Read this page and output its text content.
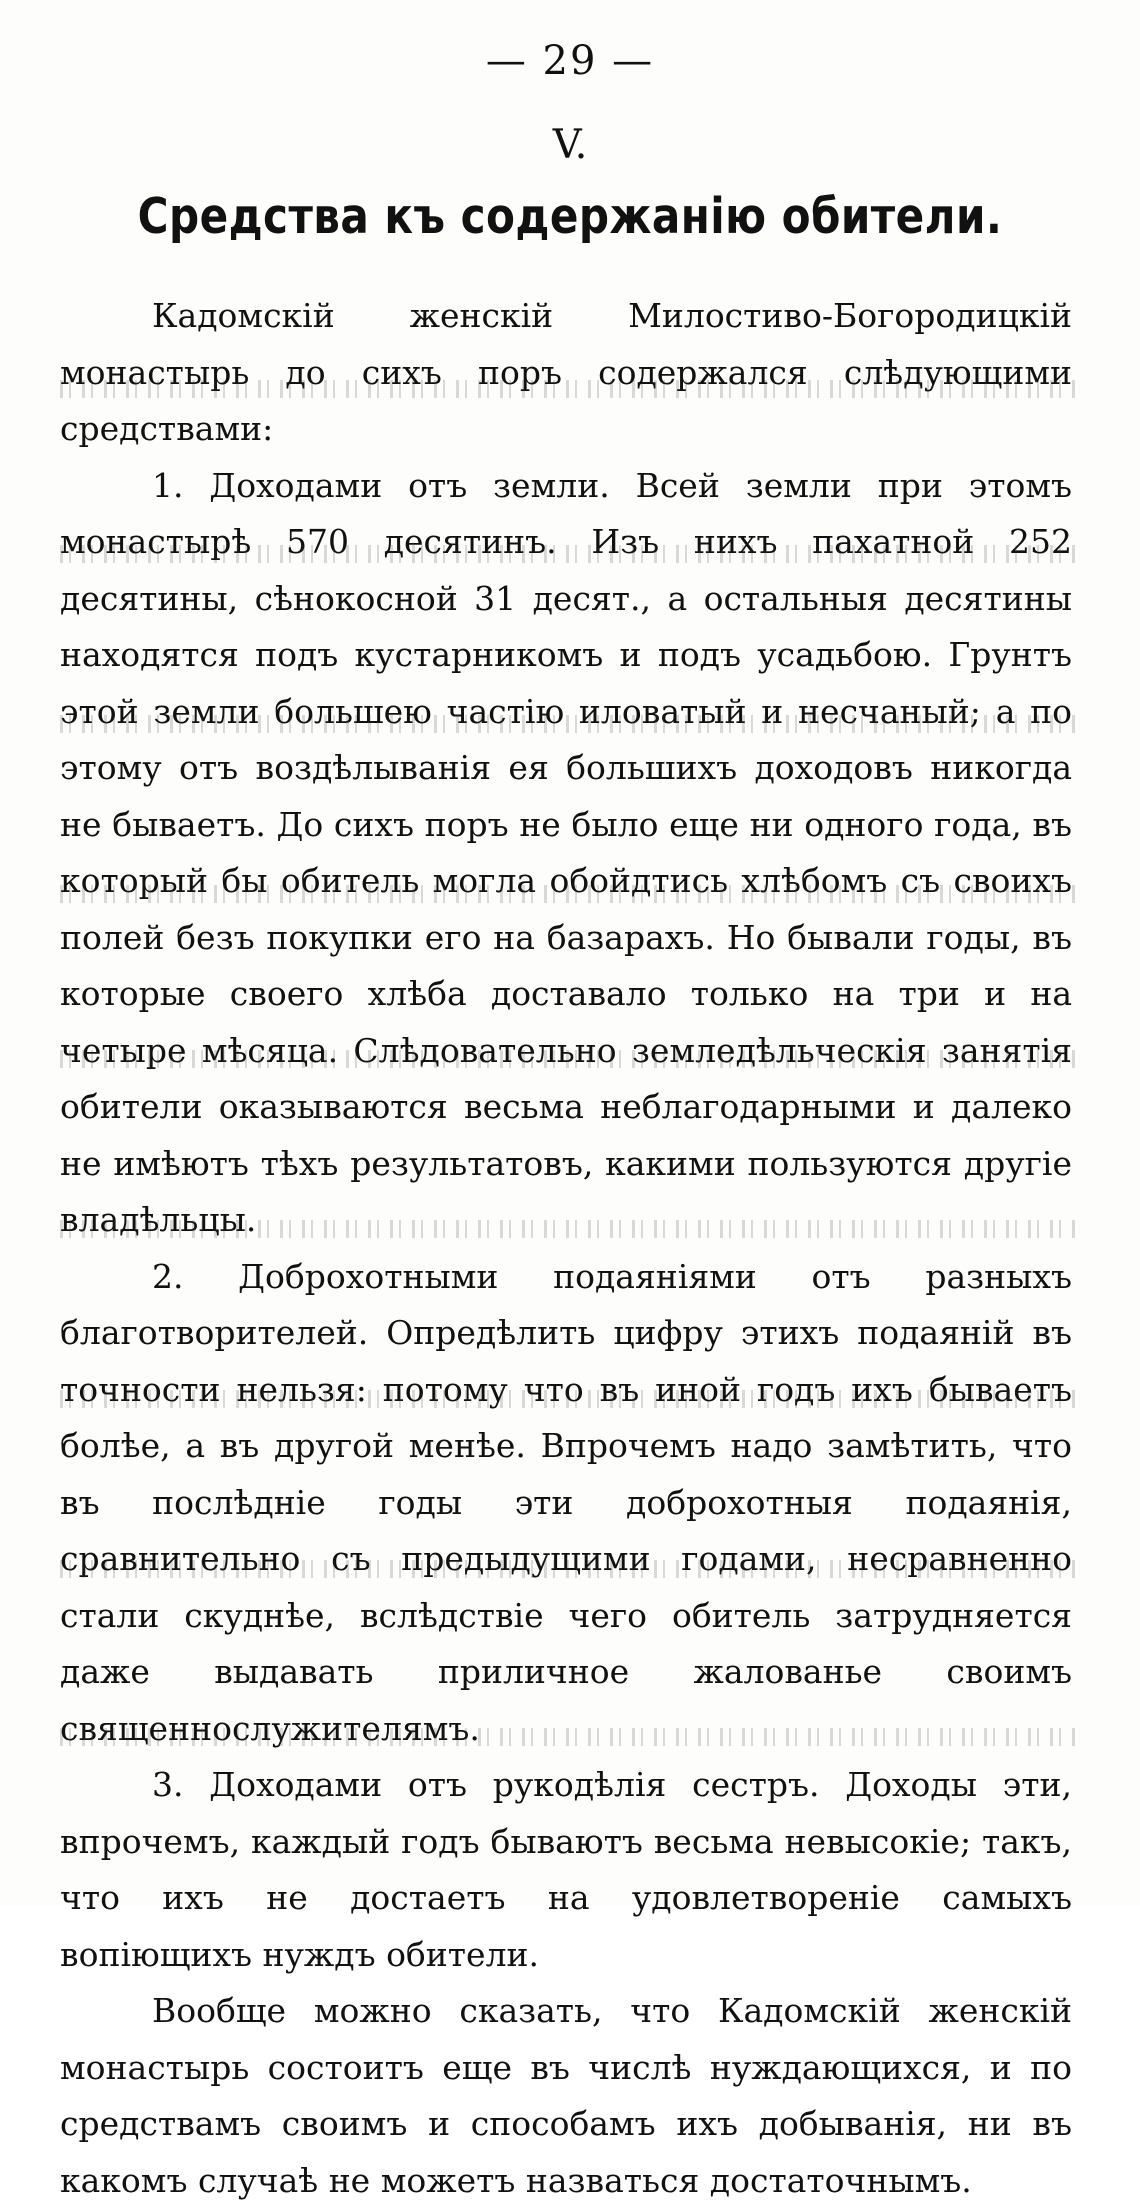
— 29 —
V.
Средства къ содержанію обители.

Кадомскій женскій Милостиво-Богородицкій монастырь до сихъ поръ содержался слѣдующими средствами:

1. Доходами отъ земли. Всей земли при этомъ монастырѣ 570 десятинъ. Изъ нихъ пахатной 252 десятины, сѣнокосной 31 десят., а остальныя десятины находятся подъ кустарникомъ и подъ усадьбою. Грунтъ этой земли большею частію иловатый и несчаный; а по этому отъ воздѣлыванія ея большихъ доходовъ никогда не бываетъ. До сихъ поръ не было еще ни одного года, въ который бы обитель могла обойдтись хлѣбомъ съ своихъ полей безъ покупки его на базарахъ. Но бывали годы, въ которые своего хлѣба доставало только на три и на четыре мѣсяца. Слѣдовательно земледѣльческія занятія обители оказываются весьма неблагодарными и далеко не имѣютъ тѣхъ результатовъ, какими пользуются другіе владѣльцы.

2. Доброхотными подаяніями отъ разныхъ благотворителей. Опредѣлить цифру этихъ подаяній въ точности нельзя: потому что въ иной годъ ихъ бываетъ болѣе, а въ другой менѣе. Впрочемъ надо замѣтить, что въ послѣдніе годы эти доброхотныя подаянія, сравнительно съ предыдущими годами, несравненно стали скуднѣе, вслѣдствіе чего обитель затрудняется даже выдавать приличное жалованье своимъ священнослужителямъ.

3. Доходами отъ рукодѣлія сестръ. Доходы эти, впрочемъ, каждый годъ бываютъ весьма невысокіе; такъ, что ихъ не достаетъ на удовлетвореніе самыхъ вопіющихъ нуждъ обители.

Вообще можно сказать, что Кадомскій женскій монастырь состоитъ еще въ числѣ нуждающихся, и по средствамъ своимъ и способамъ ихъ добыванія, ни въ какомъ случаѣ не можетъ назваться достаточнымъ.
